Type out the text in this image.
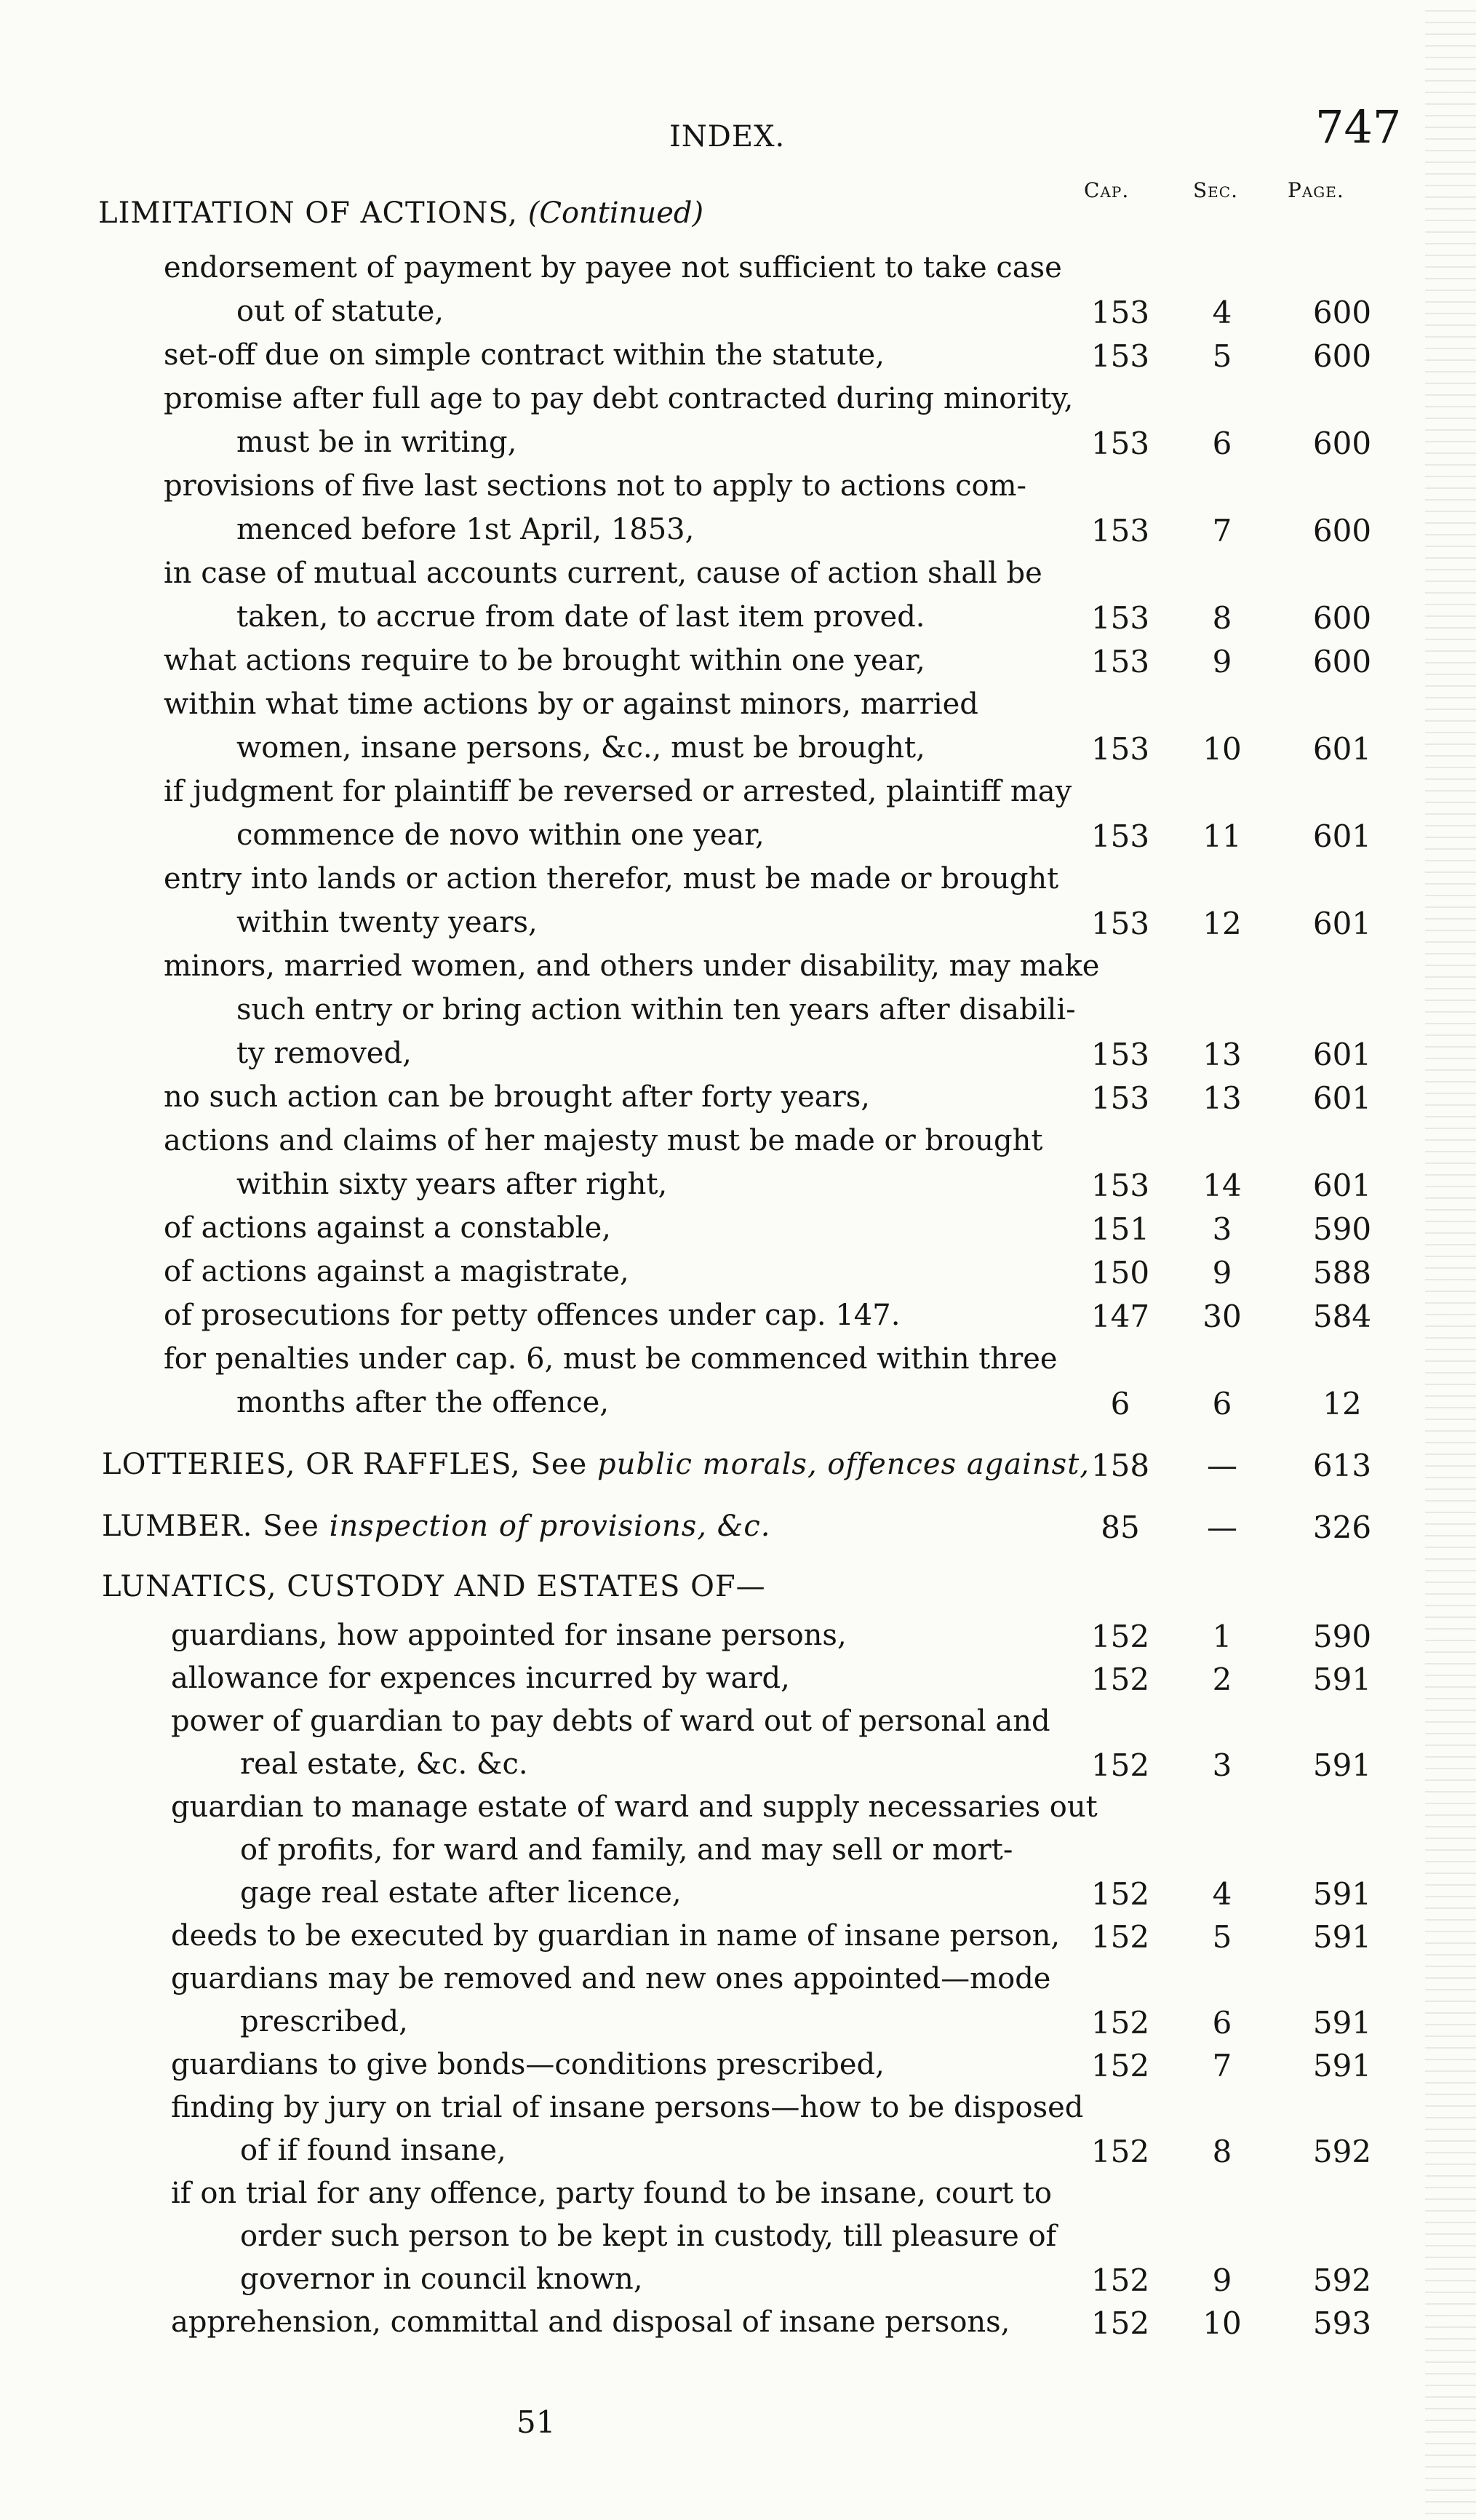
INDEX.	747
Cap.	Sec. Page.
LIMITATION OF ACTIONS, (Continued)
endorsement of payment by payee not sufficient to take case
out of statute,	153	4	600
set-off due on simple contract within the statute,	153	5	600
promise after full age to pay debt contracted during minority,
must be in writing,	153	6	600
provisions of five last sections not to apply to actions com-
menced before 1st April, 1853,	153	7	600
in case of mutual accounts current, cause of action shall be
taken, to accrue from date of last item proved.	153	8	600
what actions require to be brought within one year,	153	9	600
within what time actions by or against minors, married
women, insane persons, &c., must be brought,	153	10	601
if judgment for plaintiff be reversed or arrested, plaintiff may
commence de novo within one year,	153	11	601
entry into lands or action therefor, must be made or brought
within twenty years,	153	12	601
minors, married women, and others under disability, may make
such entry or bring action within ten years after disabili-
ty removed,	153	13	601
no such action can be brought after forty years,	153	13	601
actions and claims of her majesty must be made or brought
within sixty years after right,	153	14	601
of actions against a constable,	151	3	590
of actions against a magistrate,	150	9	588
of prosecutions for petty offences under cap. 147.	147	30	584
for penalties under cap. 6, must be commenced within three
months after the offence,	6	6	12
LOTTERIES, OR RAFFLES, See public morals, offences against, 158	—	613
LUMBER. See inspection of provisions, &c.	85	—	326
LUNATICS, CUSTODY AND ESTATES OF—
guardians, how appointed for insane persons,	152	1	590
allowance for expences incurred by ward,	152	2	591
power of guardian to pay debts of ward out of personal and
real estate, &c. &c.	152	3	591
guardian to manage estate of ward and supply necessaries out
of profits, for ward and family, and may sell or mort-
gage real estate after licence,	152	4	591
deeds to be executed by guardian in name of insane person,	152	5	591
guardians may be removed and new ones appointed—mode
prescribed,	152	6	591
guardians to give bonds—conditions prescribed,	152	7	591
finding by jury on trial of insane persons—how to be disposed
of if found insane,	152	8	592
if on trial for any offence, party found to be insane, court to
order such person to be kept in custody, till pleasure of
governor in council known,	152	9	592
apprehension, committal and disposal of insane persons,	152	10	593
51
